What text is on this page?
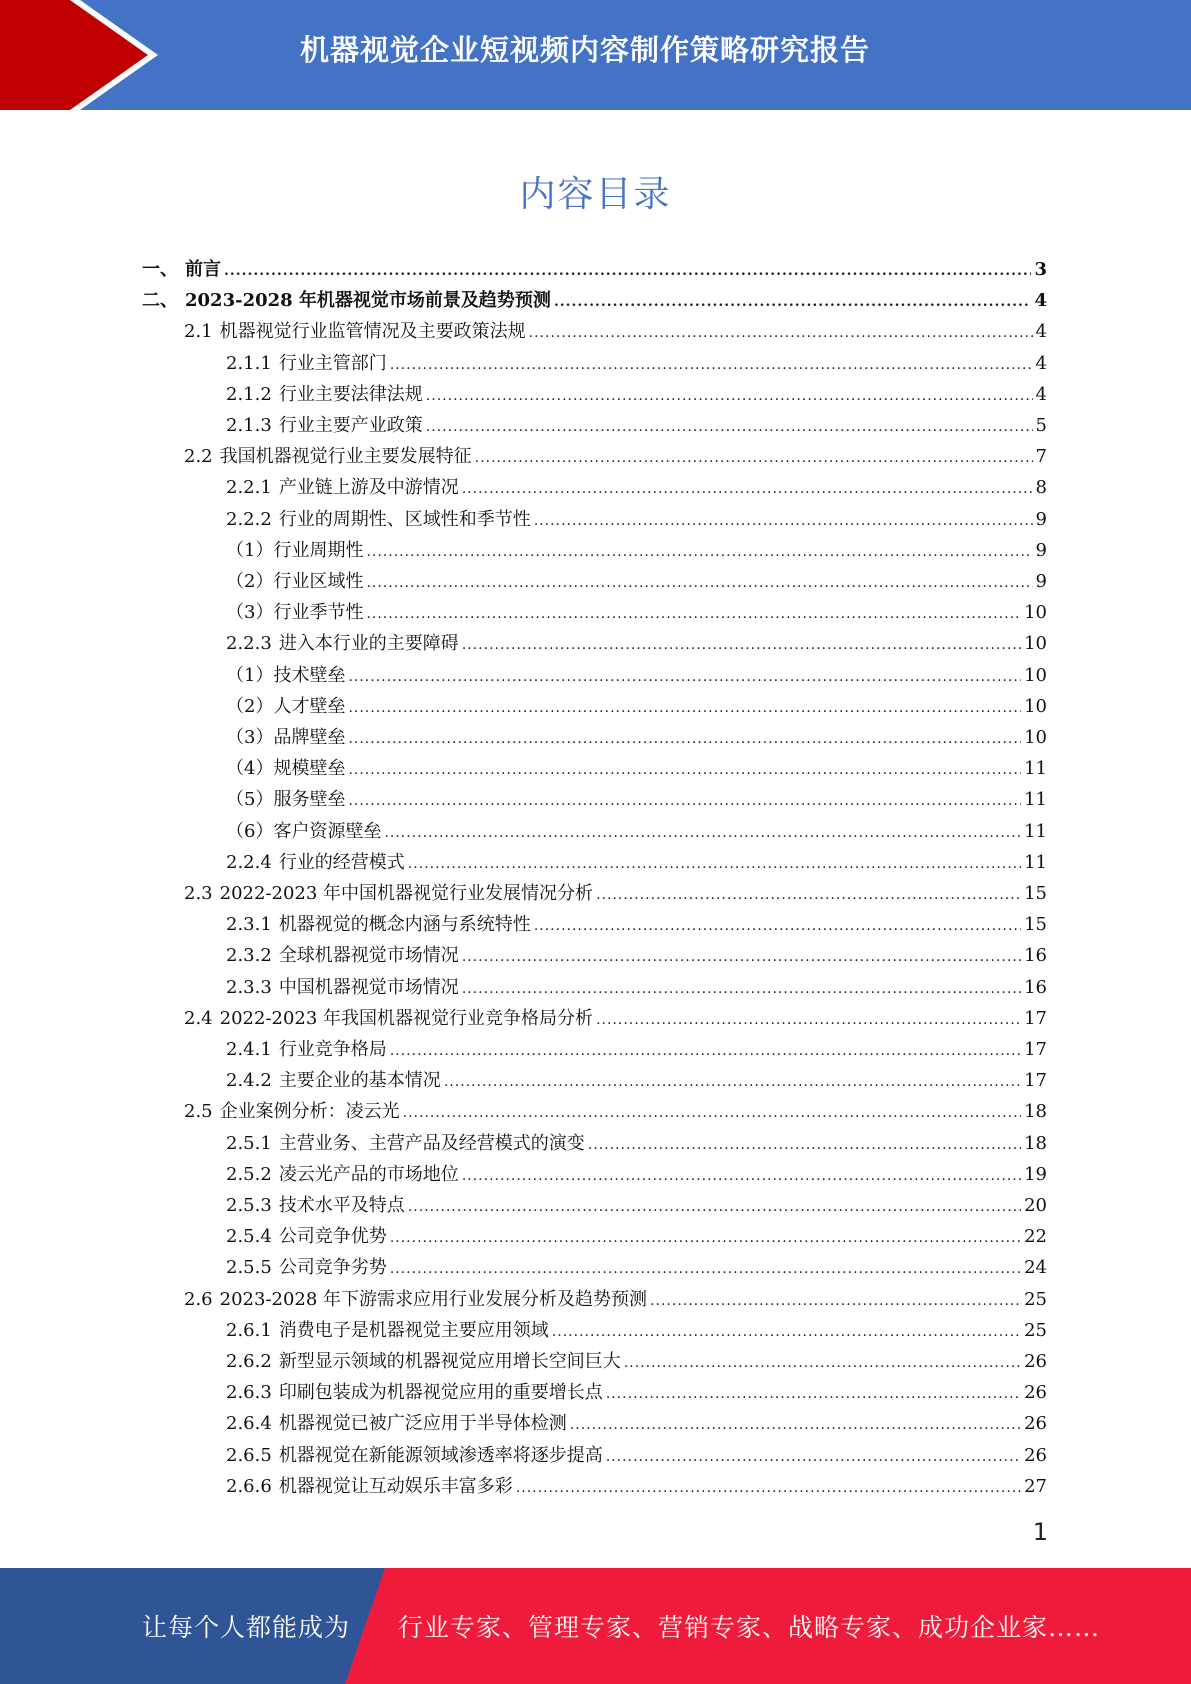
机器视觉企业短视频内容制作策略研究报告
内容目录
一、 前言 .....	3
二、 2023-2028 年机器视觉市场前景及趋势预测 .....	4
2.1 机器视觉行业监管情况及主要政策法规 .....	4
2.1.1 行业主管部门 .....	4
2.1.2 行业主要法律法规 .....	4
2.1.3 行业主要产业政策 .....	5
2.2 我国机器视觉行业主要发展特征 .....	7
2.2.1 产业链上游及中游情况 .....	8
2.2.2 行业的周期性、区域性和季节性 .....	9
（1）行业周期性 .....	9
（2）行业区域性 .....	9
（3）行业季节性 .....	10
2.2.3 进入本行业的主要障碍 .....	10
（1）技术壁垒 .....	10
（2）人才壁垒 .....	10
（3）品牌壁垒 .....	10
（4）规模壁垒 .....	11
（5）服务壁垒 .....	11
（6）客户资源壁垒 .....	11
2.2.4 行业的经营模式 .....	11
2.3 2022-2023 年中国机器视觉行业发展情况分析 .....	15
2.3.1 机器视觉的概念内涵与系统特性 .....	15
2.3.2 全球机器视觉市场情况 .....	16
2.3.3 中国机器视觉市场情况 .....	16
2.4 2022-2023 年我国机器视觉行业竞争格局分析 .....	17
2.4.1 行业竞争格局 .....	17
2.4.2 主要企业的基本情况 .....	17
2.5 企业案例分析：凌云光 .....	18
2.5.1 主营业务、主营产品及经营模式的演变 .....	18
2.5.2 凌云光产品的市场地位 .....	19
2.5.3 技术水平及特点 .....	20
2.5.4 公司竞争优势 .....	22
2.5.5 公司竞争劣势 .....	24
2.6 2023-2028 年下游需求应用行业发展分析及趋势预测 .....	25
2.6.1 消费电子是机器视觉主要应用领域 .....	25
2.6.2 新型显示领域的机器视觉应用增长空间巨大 .....	26
2.6.3 印刷包装成为机器视觉应用的重要增长点 .....	26
2.6.4 机器视觉已被广泛应用于半导体检测 .....	26
2.6.5 机器视觉在新能源领域渗透率将逐步提高 .....	26
2.6.6 机器视觉让互动娱乐丰富多彩 .....	27
1
让每个人都能成为 行业专家、管理专家、营销专家、战略专家、成功企业家……
